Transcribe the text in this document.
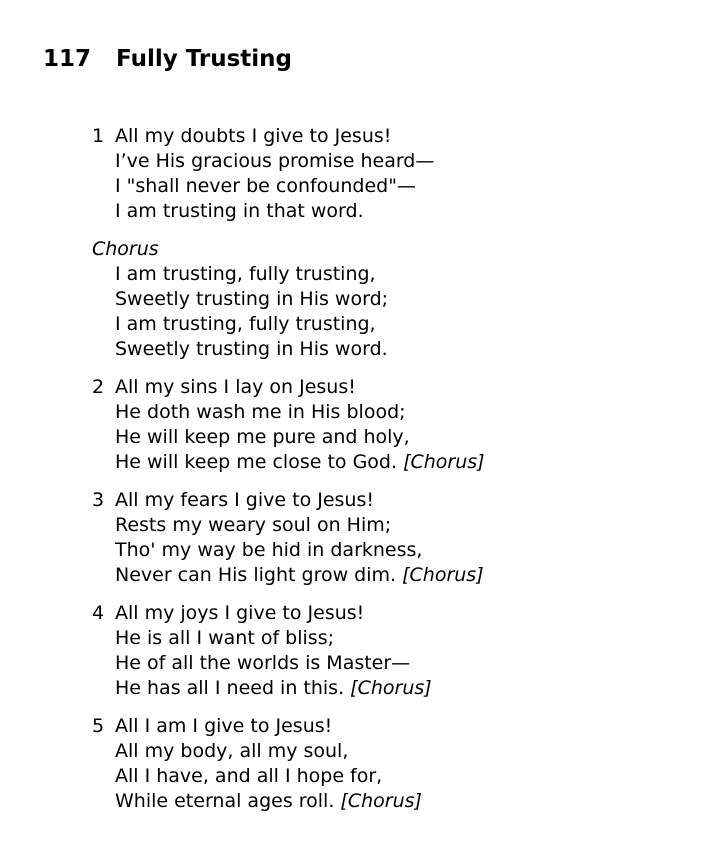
117 Fully Trusting
1 All my doubts I give to Jesus!
I’ve His gracious promise heard—
I "shall never be confounded"—
I am trusting in that word.
Chorus
I am trusting, fully trusting,
Sweetly trusting in His word;
I am trusting, fully trusting,
Sweetly trusting in His word.
2 All my sins I lay on Jesus!
He doth wash me in His blood;
He will keep me pure and holy,
He will keep me close to God. [Chorus]
3 All my fears I give to Jesus!
Rests my weary soul on Him;
Tho' my way be hid in darkness,
Never can His light grow dim. [Chorus]
4 All my joys I give to Jesus!
He is all I want of bliss;
He of all the worlds is Master—
He has all I need in this. [Chorus]
5 All I am I give to Jesus!
All my body, all my soul,
All I have, and all I hope for,
While eternal ages roll. [Chorus]
